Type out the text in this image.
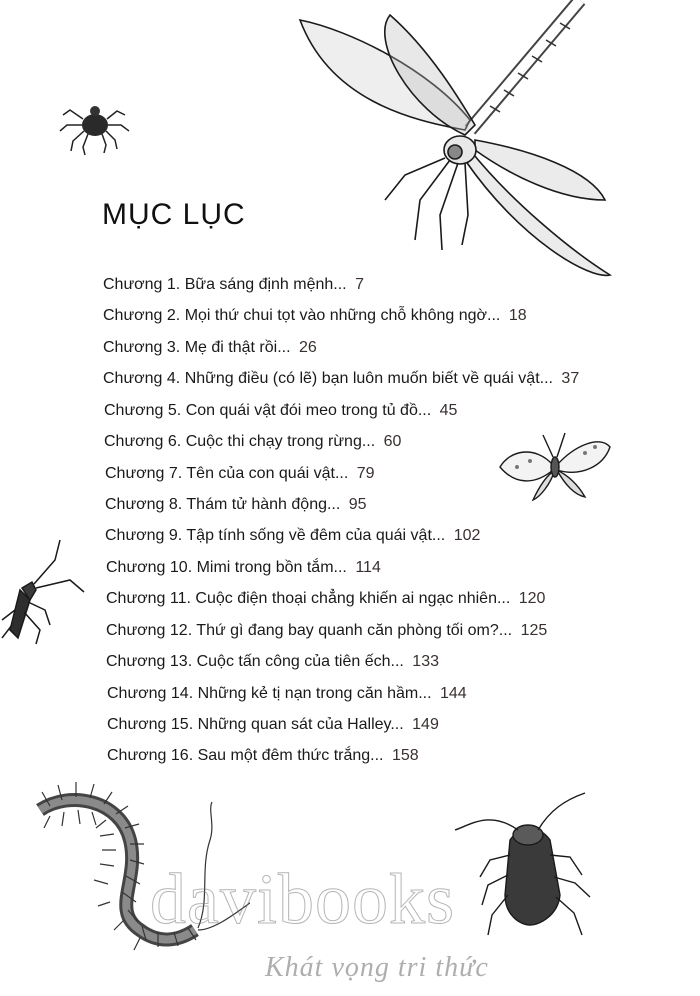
MỤC LỤC
Chương 1. Bữa sáng định mệnh... 7
Chương 2. Mọi thứ chui tọt vào những chỗ không ngờ... 18
Chương 3. Mẹ đi thật rồi... 26
Chương 4. Những điều (có lẽ) bạn luôn muốn biết về quái vật... 37
Chương 5. Con quái vật đói meo trong tủ đồ... 45
Chương 6. Cuộc thi chạy trong rừng... 60
Chương 7. Tên của con quái vật... 79
Chương 8. Thám tử hành động... 95
Chương 9. Tập tính sống về đêm của quái vật... 102
Chương 10. Mimi trong bồn tắm... 114
Chương 11. Cuộc điện thoại chẳng khiến ai ngạc nhiên... 120
Chương 12. Thứ gì đang bay quanh căn phòng tối om?... 125
Chương 13. Cuộc tấn công của tiên ếch... 133
Chương 14. Những kẻ tị nạn trong căn hầm... 144
Chương 15. Những quan sát của Halley... 149
Chương 16. Sau một đêm thức trắng... 158
davibooks
Khát vọng tri thức
